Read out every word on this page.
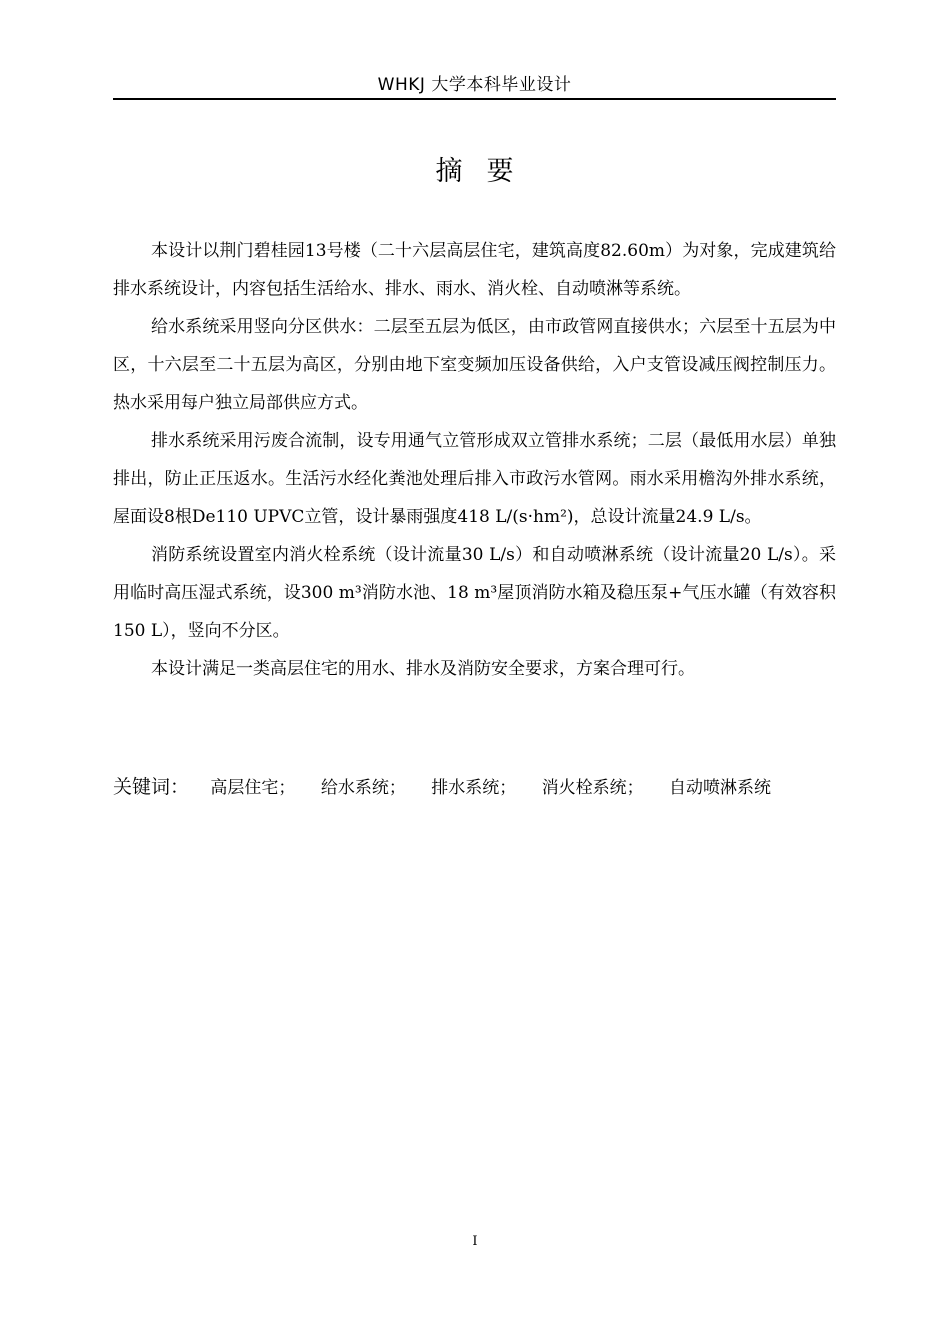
WHKJ 大学本科毕业设计
摘要

本设计以荆门碧桂园13号楼（二十六层高层住宅，建筑高度82.60m）为对象，完成建筑给排水系统设计，内容包括生活给水、排水、雨水、消火栓、自动喷淋等系统。

给水系统采用竖向分区供水：二层至五层为低区，由市政管网直接供水；六层至十五层为中区，十六层至二十五层为高区，分别由地下室变频加压设备供给，入户支管设减压阀控制压力。热水采用每户独立局部供应方式。

排水系统采用污废合流制，设专用通气立管形成双立管排水系统；二层（最低用水层）单独排出，防止正压返水。生活污水经化粪池处理后排入市政污水管网。雨水采用檐沟外排水系统，屋面设8根De110 UPVC立管，设计暴雨强度418 L/(s·hm²)，总设计流量24.9 L/s。

消防系统设置室内消火栓系统（设计流量30 L/s）和自动喷淋系统（设计流量20 L/s）。采用临时高压湿式系统，设300 m³消防水池、18 m³屋顶消防水箱及稳压泵+气压水罐（有效容积150 L），竖向不分区。

本设计满足一类高层住宅的用水、排水及消防安全要求，方案合理可行。

关键词： 高层住宅； 给水系统； 排水系统； 消火栓系统； 自动喷淋系统
I
